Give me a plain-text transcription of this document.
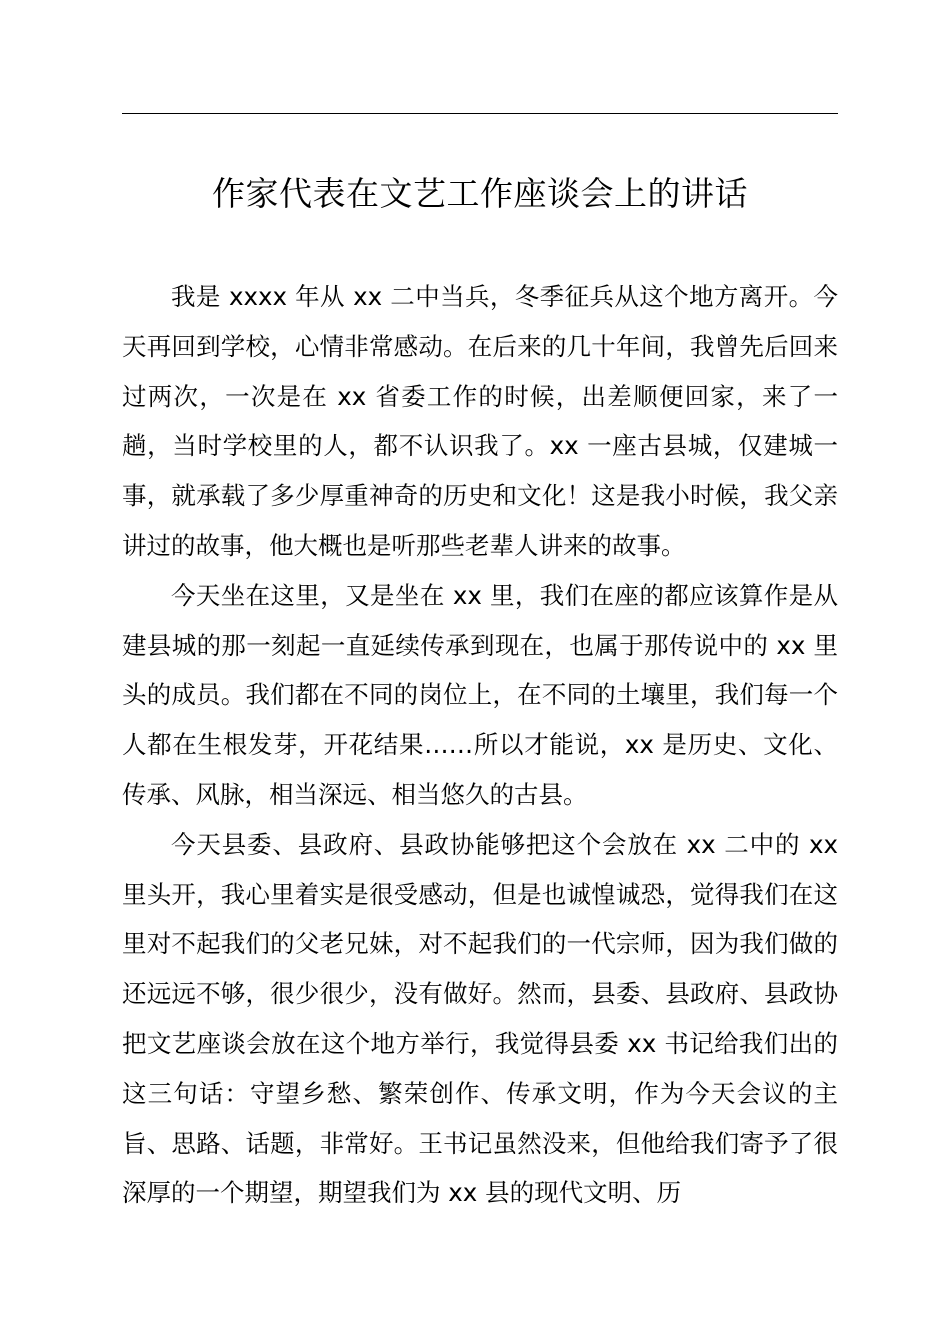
作家代表在文艺工作座谈会上的讲话

我是 xxxx 年从 xx 二中当兵，冬季征兵从这个地方离开。今天再回到学校，心情非常感动。在后来的几十年间，我曾先后回来过两次，一次是在 xx 省委工作的时候，出差顺便回家，来了一趟，当时学校里的人，都不认识我了。xx 一座古县城，仅建城一事，就承载了多少厚重神奇的历史和文化！这是我小时候，我父亲讲过的故事，他大概也是听那些老辈人讲来的故事。

今天坐在这里，又是坐在 xx 里，我们在座的都应该算作是从建县城的那一刻起一直延续传承到现在，也属于那传说中的 xx 里头的成员。我们都在不同的岗位上，在不同的土壤里，我们每一个人都在生根发芽，开花结果……所以才能说，xx 是历史、文化、传承、风脉，相当深远、相当悠久的古县。

今天县委、县政府、县政协能够把这个会放在 xx 二中的 xx 里头开，我心里着实是很受感动，但是也诚惶诚恐，觉得我们在这里对不起我们的父老兄妹，对不起我们的一代宗师，因为我们做的还远远不够，很少很少，没有做好。然而，县委、县政府、县政协把文艺座谈会放在这个地方举行，我觉得县委 xx 书记给我们出的这三句话：守望乡愁、繁荣创作、传承文明，作为今天会议的主旨、思路、话题，非常好。王书记虽然没来，但他给我们寄予了很深厚的一个期望，期望我们为 xx 县的现代文明、历
